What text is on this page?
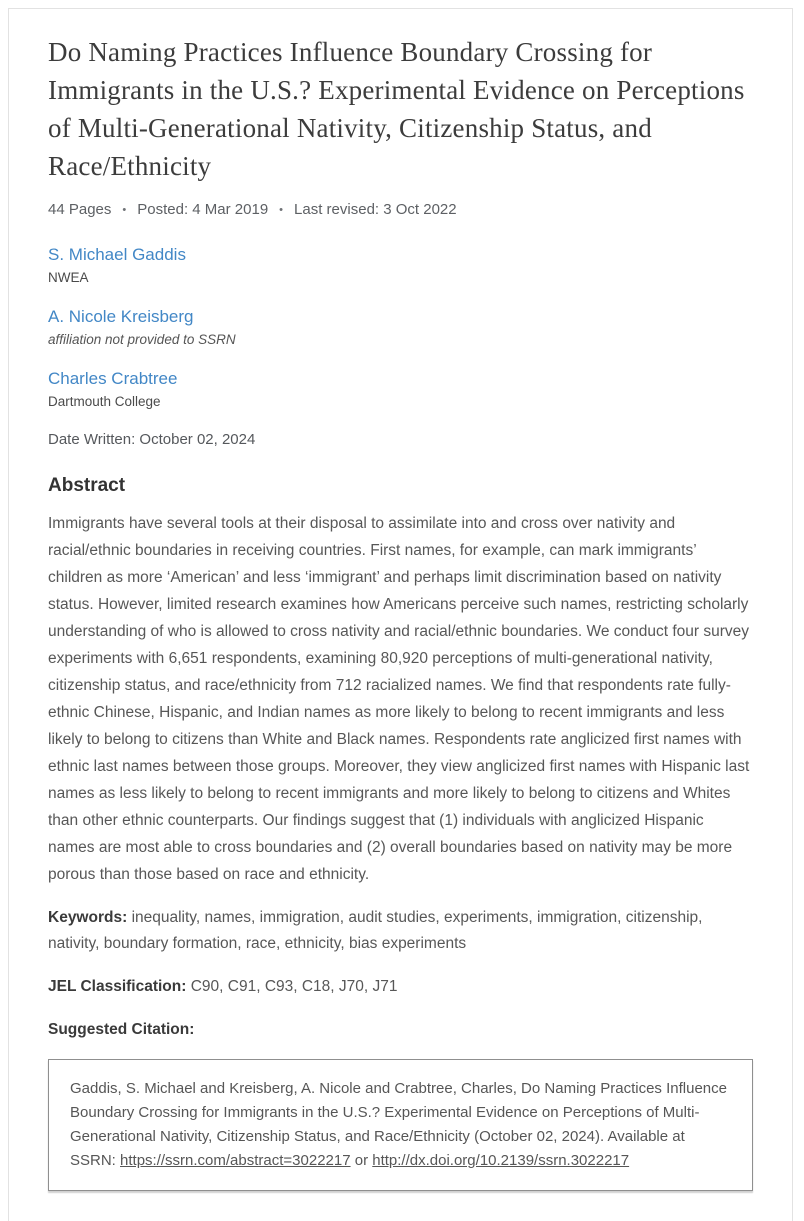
Do Naming Practices Influence Boundary Crossing for Immigrants in the U.S.? Experimental Evidence on Perceptions of Multi-Generational Nativity, Citizenship Status, and Race/Ethnicity
44 Pages • Posted: 4 Mar 2019 • Last revised: 3 Oct 2022
S. Michael Gaddis
NWEA
A. Nicole Kreisberg
affiliation not provided to SSRN
Charles Crabtree
Dartmouth College
Date Written: October 02, 2024
Abstract

Immigrants have several tools at their disposal to assimilate into and cross over nativity and racial/ethnic boundaries in receiving countries. First names, for example, can mark immigrants’ children as more ‘American’ and less ‘immigrant’ and perhaps limit discrimination based on nativity status. However, limited research examines how Americans perceive such names, restricting scholarly understanding of who is allowed to cross nativity and racial/ethnic boundaries. We conduct four survey experiments with 6,651 respondents, examining 80,920 perceptions of multi-generational nativity, citizenship status, and race/ethnicity from 712 racialized names. We find that respondents rate fully-ethnic Chinese, Hispanic, and Indian names as more likely to belong to recent immigrants and less likely to belong to citizens than White and Black names. Respondents rate anglicized first names with ethnic last names between those groups. Moreover, they view anglicized first names with Hispanic last names as less likely to belong to recent immigrants and more likely to belong to citizens and Whites than other ethnic counterparts. Our findings suggest that (1) individuals with anglicized Hispanic names are most able to cross boundaries and (2) overall boundaries based on nativity may be more porous than those based on race and ethnicity.

Keywords: inequality, names, immigration, audit studies, experiments, immigration, citizenship, nativity, boundary formation, race, ethnicity, bias experiments

JEL Classification: C90, C91, C93, C18, J70, J71

Suggested Citation:

Gaddis, S. Michael and Kreisberg, A. Nicole and Crabtree, Charles, Do Naming Practices Influence Boundary Crossing for Immigrants in the U.S.? Experimental Evidence on Perceptions of Multi-Generational Nativity, Citizenship Status, and Race/Ethnicity (October 02, 2024). Available at SSRN: https://ssrn.com/abstract=3022217 or http://dx.doi.org/10.2139/ssrn.3022217
